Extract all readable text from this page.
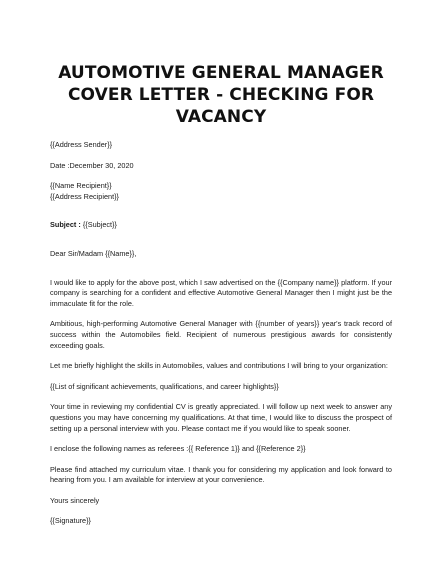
AUTOMOTIVE GENERAL MANAGER COVER LETTER - CHECKING FOR VACANCY

{{Address Sender}}

Date :December 30, 2020

{{Name Recipient}}

{{Address Recipient}}

Subject : {{Subject}}

Dear Sir/Madam {{Name}},

I would like to apply for the above post, which I saw advertised on the {{Company name}} platform. If your company is searching for a confident and effective Automotive General Manager then I might just be the immaculate fit for the role.

Ambitious, high-performing Automotive General Manager with {{number of years}} year's track record of success within the Automobiles field. Recipient of numerous prestigious awards for consistently exceeding goals.

Let me briefly highlight the skills in Automobiles, values and contributions I will bring to your organization:

{{List of significant achievements, qualifications, and career highlights}}

Your time in reviewing my confidential CV is greatly appreciated. I will follow up next week to answer any questions you may have concerning my qualifications. At that time, I would like to discuss the prospect of setting up a personal interview with you. Please contact me if you would like to speak sooner.

I enclose the following names as referees :{{ Reference 1}} and {{Reference 2}}

Please find attached my curriculum vitae. I thank you for considering my application and look forward to hearing from you. I am available for interview at your convenience.

Yours sincerely

{{Signature}}
